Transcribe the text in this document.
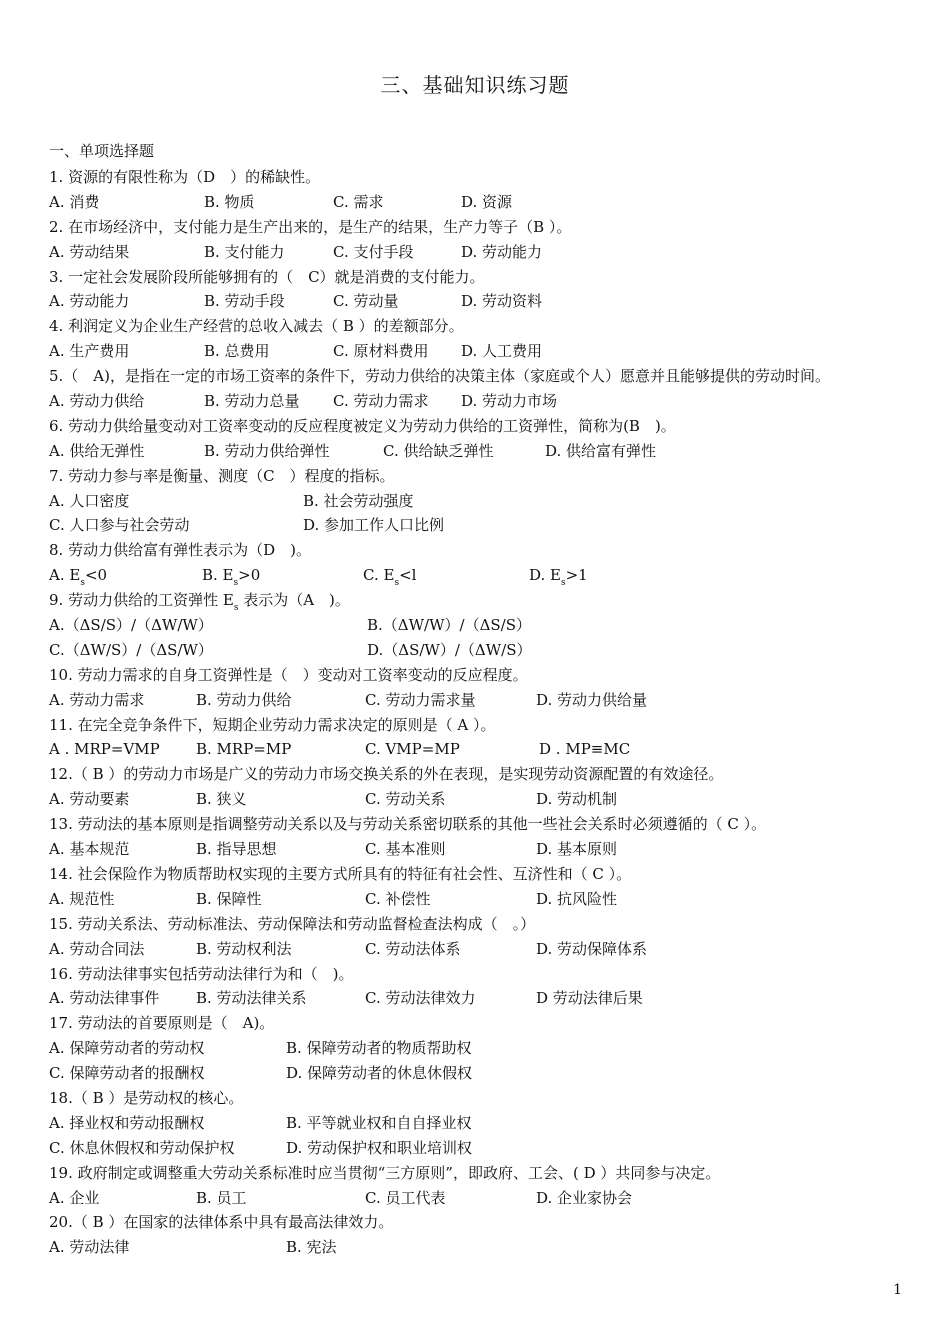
三、基础知识练习题
一、单项选择题
1. 资源的有限性称为（D　）的稀缺性。
A. 消费	B. 物质	C. 需求	D. 资源
2. 在市场经济中，支付能力是生产出来的，是生产的结果，生产力等子（B ）。
A. 劳动结果	B. 支付能力	C. 支付手段	D. 劳动能力
3. 一定社会发展阶段所能够拥有的（　C）就是消费的支付能力。
A. 劳动能力	B. 劳动手段	C. 劳动量	D. 劳动资料
4. 利润定义为企业生产经营的总收入减去（ B ）的差额部分。
A. 生产费用	B. 总费用	C. 原材料费用 D. 人工费用
5.（　A)，是指在一定的市场工资率的条件下，劳动力供给的决策主体（家庭或个人）愿意并且能够提供的劳动时间。
A. 劳动力供给	B. 劳动力总量 C. 劳动力需求 D. 劳动力市场
6. 劳动力供给量变动对工资率变动的反应程度被定义为劳动力供给的工资弹性，简称为(B　)。
A. 供给无弹性	B. 劳动力供给弹性	C. 供给缺乏弹性	D. 供给富有弹性
7. 劳动力参与率是衡量、测度（C　）程度的指标。
A. 人口密度	B. 社会劳动强度
C. 人口参与社会劳动	D. 参加工作人口比例
8. 劳动力供给富有弹性表示为（D　)。
A. $E_s<0$	B. $E_s>0$	C. $E_s<l$	D. $E_s>1$
9. 劳动力供给的工资弹性 $E_s$ 表示为（A　)。
A.（ΔS/S）/（ΔW/W）	B.（ΔW/W）/（ΔS/S）
C.（ΔW/S）/（ΔS/W）	D.（ΔS/W）/（ΔW/S）
10. 劳动力需求的自身工资弹性是（　）变动对工资率变动的反应程度。
A. 劳动力需求	B. 劳动力供给	C. 劳动力需求量	D. 劳动力供给量
11. 在完全竞争条件下，短期企业劳动力需求决定的原则是（ A ）。
A . MRP=VMP B. MRP=MP	C. VMP=MP	D . MP≡MC
12.（ B ）的劳动力市场是广义的劳动力市场交换关系的外在表现，是实现劳动资源配置的有效途径。
A. 劳动要素	B. 狭义	C. 劳动关系	D. 劳动机制
13. 劳动法的基本原则是指调整劳动关系以及与劳动关系密切联系的其他一些社会关系时必须遵循的（ C ）。
A. 基本规范	B. 指导思想	C. 基本准则	D. 基本原则
14. 社会保险作为物质帮助权实现的主要方式所具有的特征有社会性、互济性和（ C ）。
A. 规范性	B. 保障性	C. 补偿性	D. 抗风险性
15. 劳动关系法、劳动标准法、劳动保障法和劳动监督检查法构成（　。）
A. 劳动合同法	B. 劳动权利法	C. 劳动法体系	D. 劳动保障体系
16. 劳动法律事实包括劳动法律行为和（　)。
A. 劳动法律事件 B. 劳动法律关系	C. 劳动法律效力	D 劳动法律后果
17. 劳动法的首要原则是（　A)。
A. 保障劳动者的劳动权	B. 保障劳动者的物质帮助权
C. 保障劳动者的报酬权	D. 保障劳动者的休息休假权
18.（ B ）是劳动权的核心。
A. 择业权和劳动报酬权	B. 平等就业权和自自择业权
C. 休息休假权和劳动保护权	D. 劳动保护权和职业培训权
19. 政府制定或调整重大劳动关系标准时应当贯彻“三方原则”，即政府、工会、( D ）共同参与决定。
A. 企业	B. 员工	C. 员工代表	D. 企业家协会
20.（ B ）在国家的法律体系中具有最高法律效力。
A. 劳动法律	B. 宪法
1
